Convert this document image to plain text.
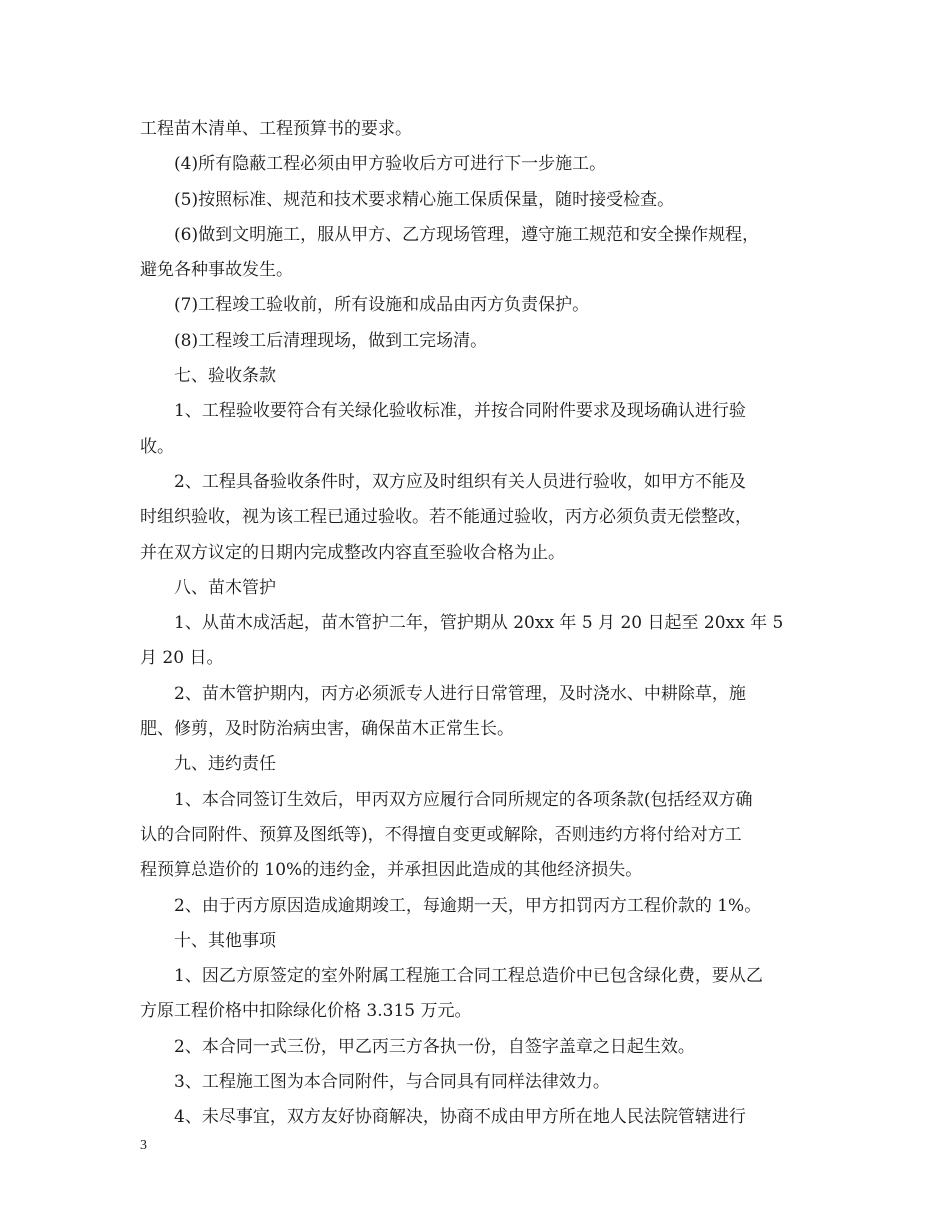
工程苗木清单、工程预算书的要求。
(4)所有隐蔽工程必须由甲方验收后方可进行下一步施工。
(5)按照标准、规范和技术要求精心施工保质保量，随时接受检查。
(6)做到文明施工，服从甲方、乙方现场管理，遵守施工规范和安全操作规程，
避免各种事故发生。
(7)工程竣工验收前，所有设施和成品由丙方负责保护。
(8)工程竣工后清理现场，做到工完场清。
七、验收条款
1、工程验收要符合有关绿化验收标准，并按合同附件要求及现场确认进行验
收。
2、工程具备验收条件时，双方应及时组织有关人员进行验收，如甲方不能及
时组织验收，视为该工程已通过验收。若不能通过验收，丙方必须负责无偿整改，
并在双方议定的日期内完成整改内容直至验收合格为止。
八、苗木管护
1、从苗木成活起，苗木管护二年，管护期从 20xx 年 5 月 20 日起至 20xx 年 5
月 20 日。
2、苗木管护期内，丙方必须派专人进行日常管理，及时浇水、中耕除草，施
肥、修剪，及时防治病虫害，确保苗木正常生长。
九、违约责任
1、本合同签订生效后，甲丙双方应履行合同所规定的各项条款(包括经双方确
认的合同附件、预算及图纸等)，不得擅自变更或解除，否则违约方将付给对方工
程预算总造价的 10%的违约金，并承担因此造成的其他经济损失。
2、由于丙方原因造成逾期竣工，每逾期一天，甲方扣罚丙方工程价款的 1%。
十、其他事项
1、因乙方原签定的室外附属工程施工合同工程总造价中已包含绿化费，要从乙
方原工程价格中扣除绿化价格 3.315 万元。
2、本合同一式三份，甲乙丙三方各执一份，自签字盖章之日起生效。
3、工程施工图为本合同附件，与合同具有同样法律效力。
4、未尽事宜，双方友好协商解决，协商不成由甲方所在地人民法院管辖进行
3
